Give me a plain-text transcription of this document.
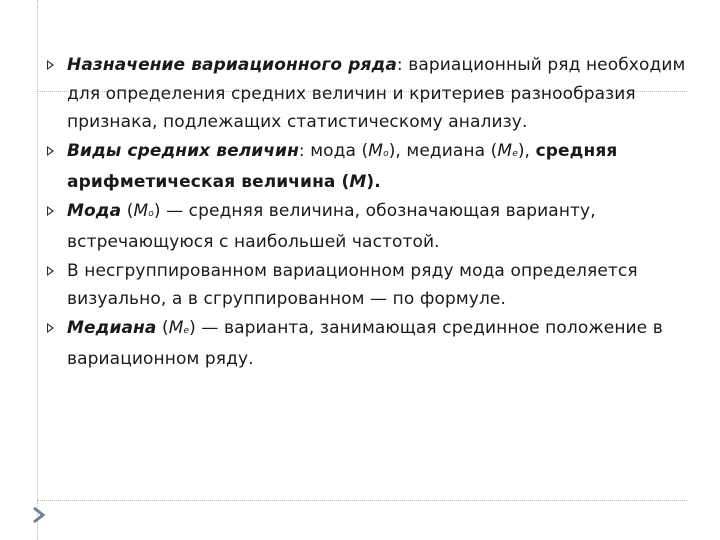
Назначение вариационного ряда: вариационный ряд необходим для определения средних величин и критериев разнообразия признака, подлежащих статистическому анализу.
Виды средних величин: мода (Mo), медиана (Me), средняя арифметическая величина (M).
Мода (Mo) — средняя величина, обозначающая варианту, встречающуюся с наибольшей частотой.
В несгруппированном вариационном ряду мода определяется визуально, а в сгруппированном — по формуле.
Медиана (Me) — варианта, занимающая срединное положение в вариационном ряду.
